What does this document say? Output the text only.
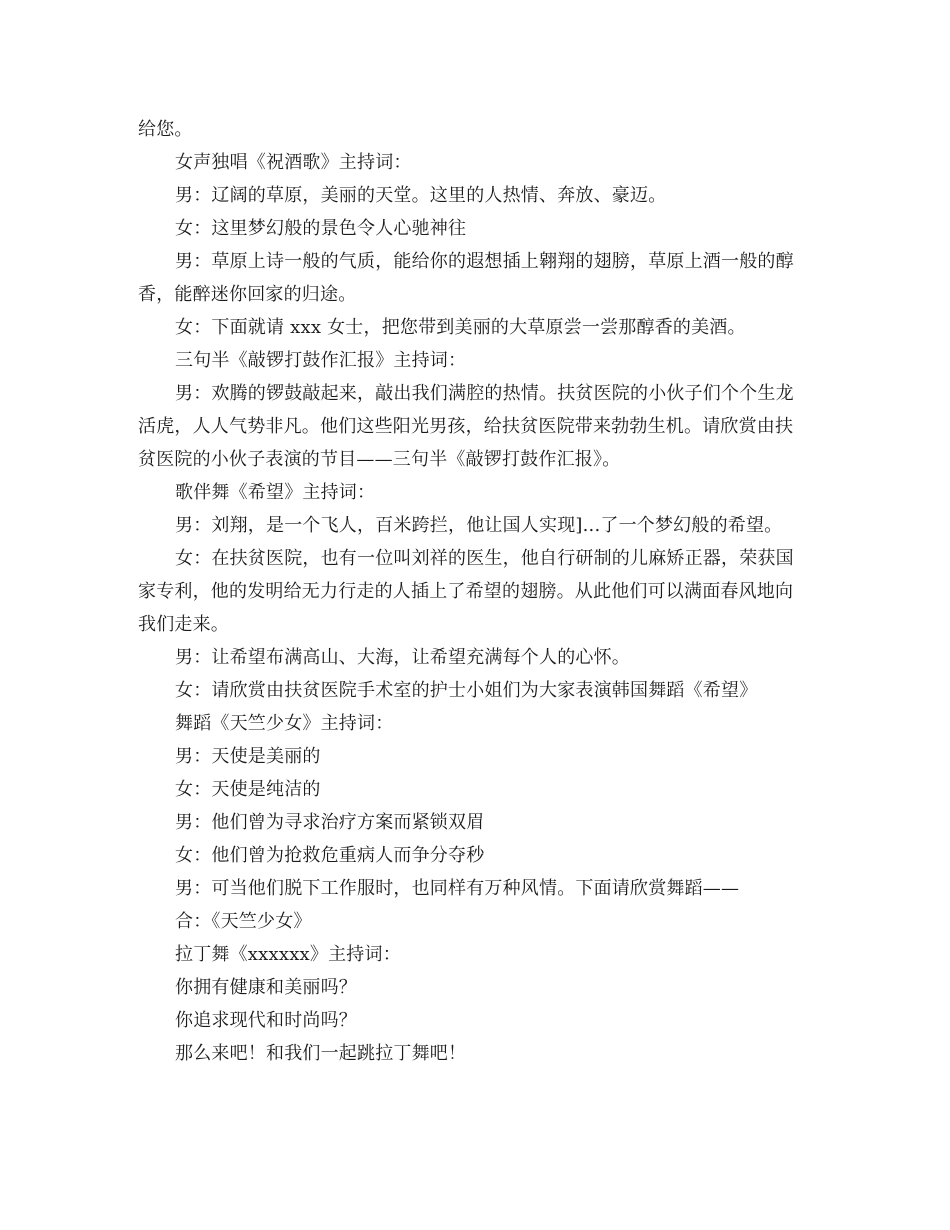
给您。
女声独唱《祝酒歌》主持词：
男：辽阔的草原，美丽的天堂。这里的人热情、奔放、豪迈。
女：这里梦幻般的景色令人心驰神往
男：草原上诗一般的气质，能给你的遐想插上翱翔的翅膀，草原上酒一般的醇
香，能醉迷你回家的归途。
女：下面就请 xxx 女士，把您带到美丽的大草原尝一尝那醇香的美酒。
三句半《敲锣打鼓作汇报》主持词：
男：欢腾的锣鼓敲起来，敲出我们满腔的热情。扶贫医院的小伙子们个个生龙
活虎，人人气势非凡。他们这些阳光男孩，给扶贫医院带来勃勃生机。请欣赏由扶
贫医院的小伙子表演的节目——三句半《敲锣打鼓作汇报》。
歌伴舞《希望》主持词：
男：刘翔，是一个飞人，百米跨拦，他让国人实现]...了一个梦幻般的希望。
女：在扶贫医院，也有一位叫刘祥的医生，他自行研制的儿麻矫正器，荣获国
家专利，他的发明给无力行走的人插上了希望的翅膀。从此他们可以满面春风地向
我们走来。
男：让希望布满高山、大海，让希望充满每个人的心怀。
女：请欣赏由扶贫医院手术室的护士小姐们为大家表演韩国舞蹈《希望》
舞蹈《天竺少女》主持词：
男：天使是美丽的
女：天使是纯洁的
男：他们曾为寻求治疗方案而紧锁双眉
女：他们曾为抢救危重病人而争分夺秒
男：可当他们脱下工作服时，也同样有万种风情。下面请欣赏舞蹈——
合：《天竺少女》
拉丁舞《xxxxxx》主持词：
你拥有健康和美丽吗？
你追求现代和时尚吗？
那么来吧！和我们一起跳拉丁舞吧！
